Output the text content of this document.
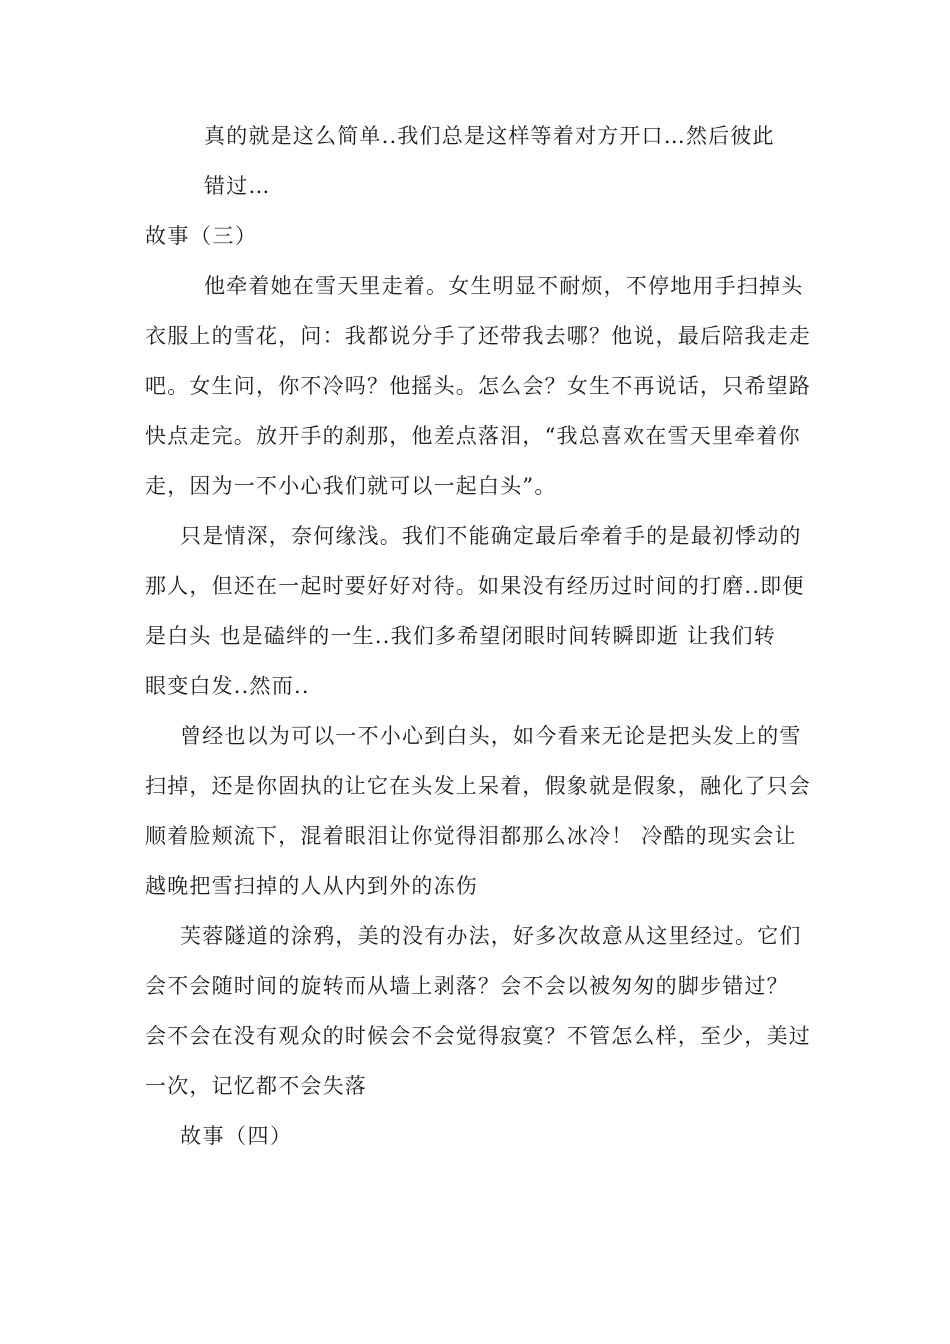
真的就是这么简单..我们总是这样等着对方开口…然后彼此
错过…
故事（三）
他牵着她在雪天里走着。女生明显不耐烦，不停地用手扫掉头
衣服上的雪花，问：我都说分手了还带我去哪？他说，最后陪我走走
吧。女生问，你不冷吗？他摇头。怎么会？女生不再说话，只希望路
快点走完。放开手的刹那，他差点落泪，“我总喜欢在雪天里牵着你
走，因为一不小心我们就可以一起白头”。
只是情深，奈何缘浅。我们不能确定最后牵着手的是最初悸动的
那人，但还在一起时要好好对待。如果没有经历过时间的打磨..即便
是白头 也是磕绊的一生..我们多希望闭眼时间转瞬即逝 让我们转
眼变白发..然而..
曾经也以为可以一不小心到白头，如今看来无论是把头发上的雪
扫掉，还是你固执的让它在头发上呆着，假象就是假象，融化了只会
顺着脸颊流下，混着眼泪让你觉得泪都那么冰冷！ 冷酷的现实会让
越晚把雪扫掉的人从内到外的冻伤
芙蓉隧道的涂鸦，美的没有办法，好多次故意从这里经过。它们
会不会随时间的旋转而从墙上剥落？会不会以被匆匆的脚步错过？
会不会在没有观众的时候会不会觉得寂寞？不管怎么样，至少，美过
一次，记忆都不会失落
故事（四）
